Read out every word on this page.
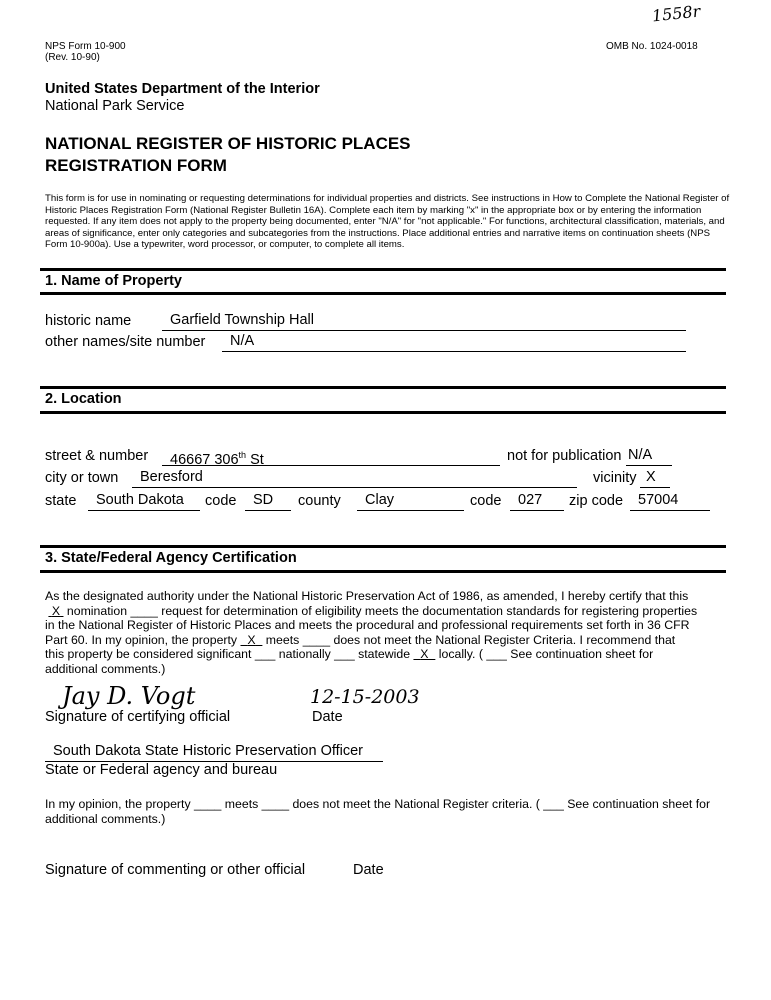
1558r
NPS Form 10-900
(Rev. 10-90)
OMB No. 1024-0018
United States Department of the Interior
National Park Service
NATIONAL REGISTER OF HISTORIC PLACES
REGISTRATION FORM
This form is for use in nominating or requesting determinations for individual properties and districts. See instructions in How to Complete the National Register of Historic Places Registration Form (National Register Bulletin 16A). Complete each item by marking "x" in the appropriate box or by entering the information requested. If any item does not apply to the property being documented, enter "N/A" for "not applicable." For functions, architectural classification, materials, and areas of significance, enter only categories and subcategories from the instructions. Place additional entries and narrative items on continuation sheets (NPS Form 10-900a). Use a typewriter, word processor, or computer, to complete all items.
1. Name of Property
historic name	Garfield Township Hall
other names/site number	N/A
2. Location
street & number	46667 306th St	not for publication N/A
city or town	Beresford	vicinity X
state	South Dakota	code	SD	county	Clay	code	027	zip code	57004
3. State/Federal Agency Certification
As the designated authority under the National Historic Preservation Act of 1986, as amended, I hereby certify that this
X  nomination ____ request for determination of eligibility meets the documentation standards for registering properties
in the National Register of Historic Places and meets the procedural and professional requirements set forth in 36 CFR
Part 60. In my opinion, the property   X   meets ____ does not meet the National Register Criteria. I recommend that
this property be considered significant ___ nationally ___ statewide   X   locally. ( ___ See continuation sheet for
additional comments.)
Jay D. Vogt	12-15-2003
Signature of certifying official	Date
South Dakota State Historic Preservation Officer
State or Federal agency and bureau
In my opinion, the property ____ meets ____ does not meet the National Register criteria. ( ___ See continuation sheet for
additional comments.)
Signature of commenting or other official	Date
